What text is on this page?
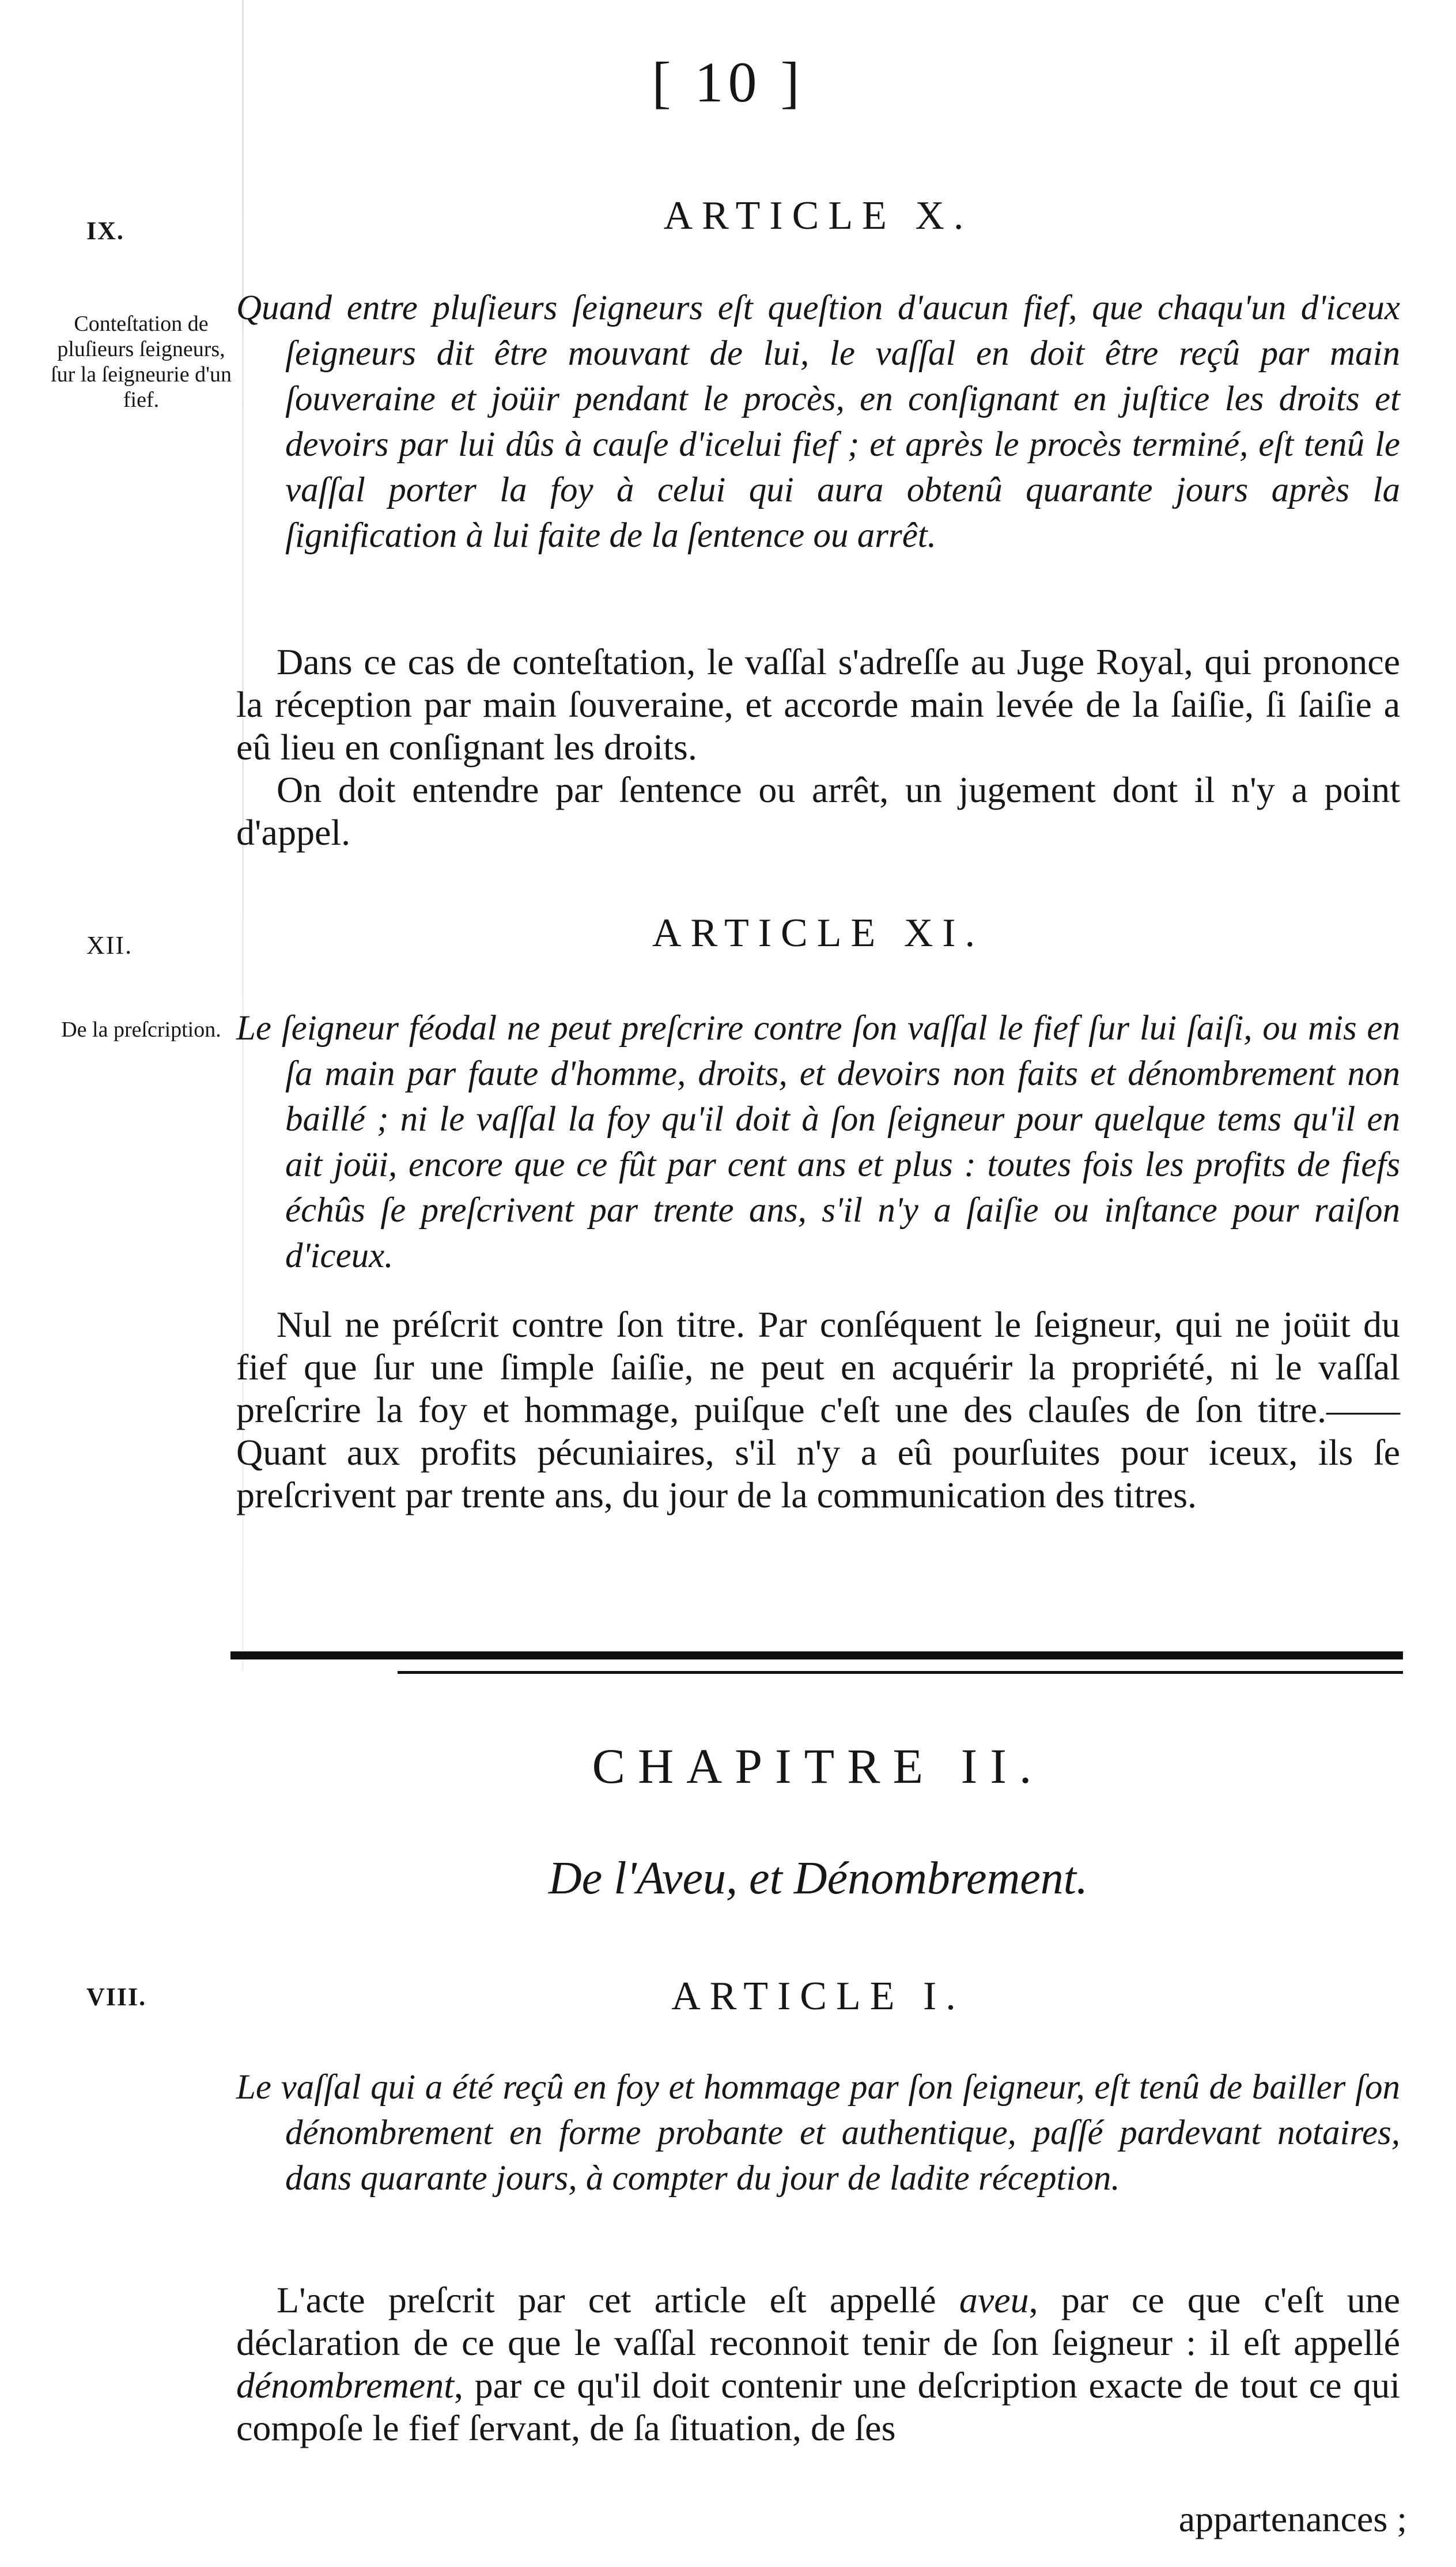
[ 10 ]
IX.	ARTICLE X.
Conteſtation de pluſieurs ſeigneurs, ſur la ſeigneurie d'un fief.
Quand entre pluſieurs ſeigneurs eſt queſtion d'aucun fief, que chaqu'un d'iceux ſeigneurs dit être mouvant de lui, le vaſſal en doit être reçû par main ſouveraine et joüir pendant le procès, en conſignant en juſtice les droits et devoirs par lui dûs à cauſe d'icelui fief ; et après le procès terminé, eſt tenû le vaſſal porter la foy à celui qui aura obtenû quarante jours après la ſignification à lui faite de la ſentence ou arrêt.

Dans ce cas de conteſtation, le vaſſal s'adreſſe au Juge Royal, qui prononce la réception par main ſouveraine, et accorde main levée de la ſaiſie, ſi ſaiſie a eû lieu en conſignant les droits.

On doit entendre par ſentence ou arrêt, un jugement dont il n'y a point d'appel.

XII.	ARTICLE XI.
De la preſcription. Le ſeigneur féodal ne peut preſcrire contre ſon vaſſal le fief ſur lui ſaiſi, ou mis en ſa main par faute d'homme, droits, et devoirs non faits et dénombrement non baillé ; ni le vaſſal la foy qu'il doit à ſon ſeigneur pour quelque tems qu'il en ait joüi, encore que ce fût par cent ans et plus : toutes fois les profits de fiefs échûs ſe preſcrivent par trente ans, s'il n'y a ſaiſie ou inſtance pour raiſon d'iceux.

Nul ne préſcrit contre ſon titre. Par conſéquent le ſeigneur, qui ne joüit du fief que ſur une ſimple ſaiſie, ne peut en acquérir la propriété, ni le vaſſal preſcrire la foy et hommage, puiſque c'eſt une des clauſes de ſon titre.—— Quant aux profits pécuniaires, s'il n'y a eû pourſuites pour iceux, ils ſe preſcrivent par trente ans, du jour de la communication des titres.

CHAPITRE II.
De l'Aveu, et Dénombrement.
VIII.	ARTICLE I.
Le vaſſal qui a été reçû en foy et hommage par ſon ſeigneur, eſt tenû de bailler ſon dénombrement en forme probante et authentique, paſſé pardevant notaires, dans quarante jours, à compter du jour de ladite réception.

L'acte preſcrit par cet article eſt appellé aveu, par ce que c'eſt une déclaration de ce que le vaſſal reconnoit tenir de ſon ſeigneur : il eſt appellé dénombrement, par ce qu'il doit contenir une deſcription exacte de tout ce qui compoſe le fief ſervant, de ſa ſituation, de ſes

appartenances ;
